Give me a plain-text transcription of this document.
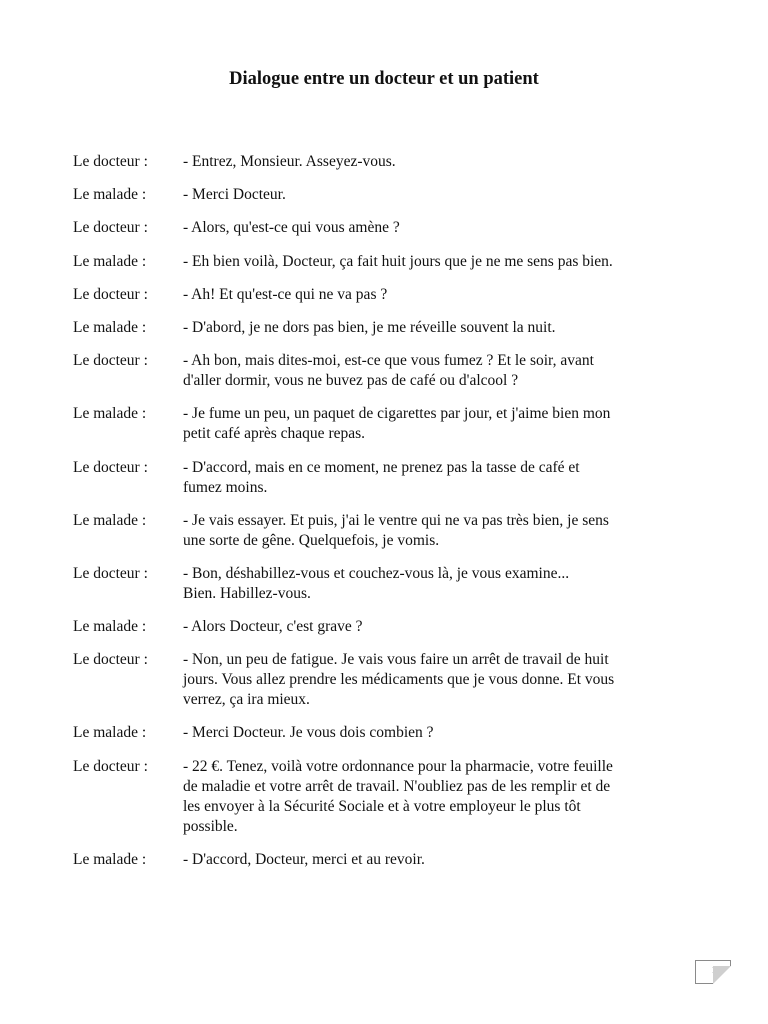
Dialogue entre un docteur et un patient
Le docteur :	- Entrez, Monsieur. Asseyez-vous.
Le malade :	- Merci Docteur.
Le docteur :	- Alors, qu'est-ce qui vous amène ?
Le malade :	- Eh bien voilà, Docteur, ça fait huit jours que je ne me sens pas bien.
Le docteur :	- Ah! Et qu'est-ce qui ne va pas ?
Le malade :	- D'abord, je ne dors pas bien, je me réveille souvent la nuit.
Le docteur :	- Ah bon, mais dites-moi, est-ce que vous fumez ? Et le soir, avant
d'aller dormir, vous ne buvez pas de café ou d'alcool ?
Le malade :	- Je fume un peu, un paquet de cigarettes par jour, et j'aime bien mon
petit café après chaque repas.
Le docteur :	- D'accord, mais en ce moment, ne prenez pas la tasse de café et
fumez moins.
Le malade :	- Je vais essayer. Et puis, j'ai le ventre qui ne va pas très bien, je sens
une sorte de gêne. Quelquefois, je vomis.
Le docteur :	- Bon, déshabillez-vous et couchez-vous là, je vous examine...
Bien. Habillez-vous.
Le malade :	- Alors Docteur, c'est grave ?
Le docteur :	- Non, un peu de fatigue. Je vais vous faire un arrêt de travail de huit
jours. Vous allez prendre les médicaments que je vous donne. Et vous
verrez, ça ira mieux.
Le malade :	- Merci Docteur. Je vous dois combien ?
Le docteur :	- 22 €. Tenez, voilà votre ordonnance pour la pharmacie, votre feuille
de maladie et votre arrêt de travail. N'oubliez pas de les remplir et de
les envoyer à la Sécurité Sociale et à votre employeur le plus tôt
possible.
Le malade :	- D'accord, Docteur, merci et au revoir.
1
